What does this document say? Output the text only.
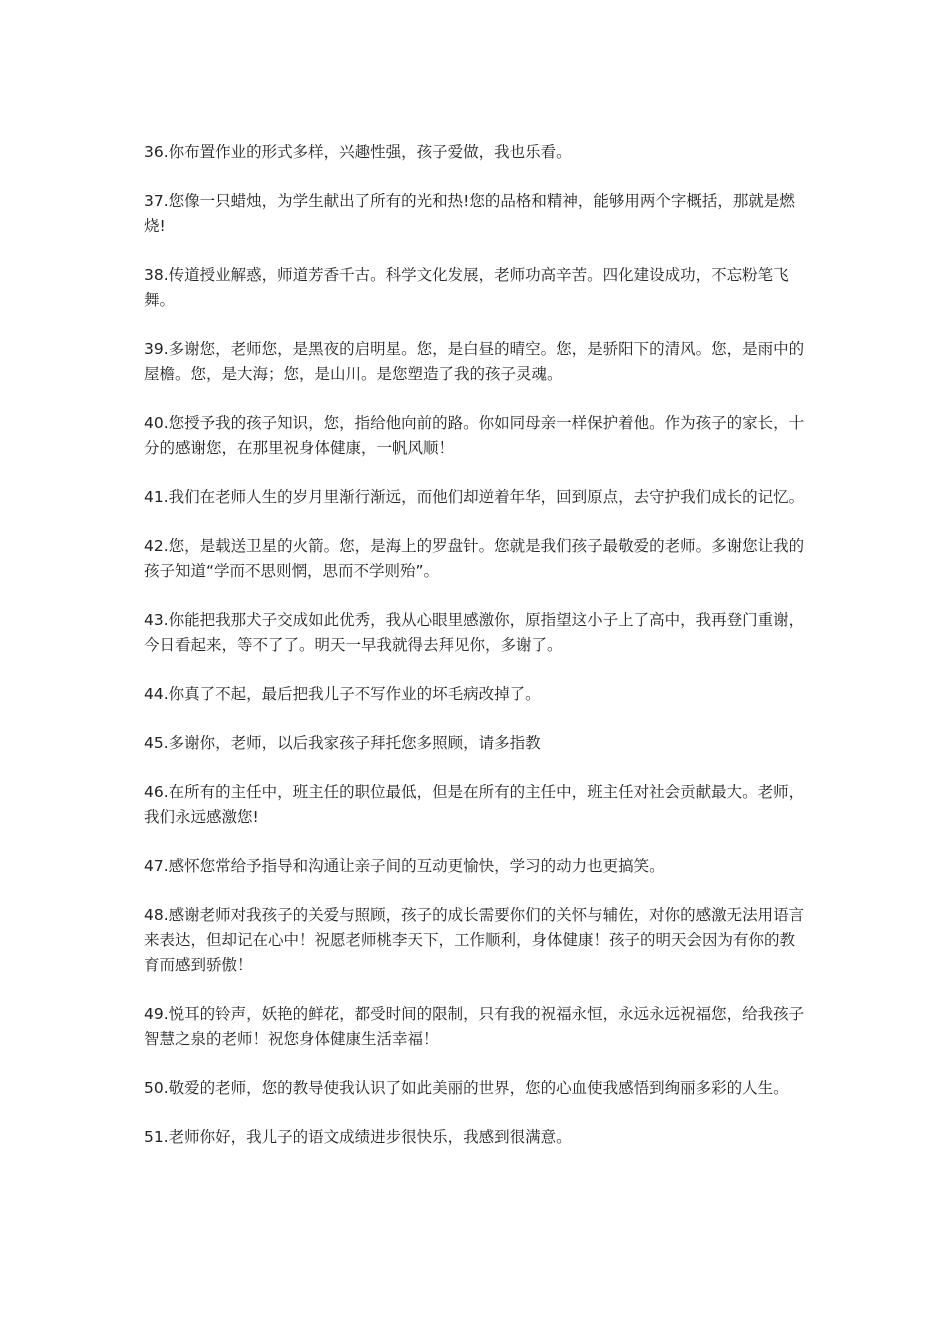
36.你布置作业的形式多样，兴趣性强，孩子爱做，我也乐看。

37.您像一只蜡烛，为学生献出了所有的光和热!您的品格和精神，能够用两个字概括，那就是燃烧!

38.传道授业解惑，师道芳香千古。科学文化发展，老师功高辛苦。四化建设成功，不忘粉笔飞舞。

39.多谢您，老师您，是黑夜的启明星。您，是白昼的晴空。您，是骄阳下的清风。您，是雨中的屋檐。您，是大海；您，是山川。是您塑造了我的孩子灵魂。

40.您授予我的孩子知识，您，指给他向前的路。你如同母亲一样保护着他。作为孩子的家长，十分的感谢您，在那里祝身体健康，一帆风顺！

41.我们在老师人生的岁月里渐行渐远，而他们却逆着年华，回到原点，去守护我们成长的记忆。

42.您，是载送卫星的火箭。您，是海上的罗盘针。您就是我们孩子最敬爱的老师。多谢您让我的孩子知道“学而不思则惘，思而不学则殆”。

43.你能把我那犬子交成如此优秀，我从心眼里感激你，原指望这小子上了高中，我再登门重谢，今日看起来，等不了了。明天一早我就得去拜见你，多谢了。

44.你真了不起，最后把我儿子不写作业的坏毛病改掉了。

45.多谢你，老师，以后我家孩子拜托您多照顾，请多指教

46.在所有的主任中，班主任的职位最低，但是在所有的主任中，班主任对社会贡献最大。老师，我们永远感激您!

47.感怀您常给予指导和沟通让亲子间的互动更愉快，学习的动力也更搞笑。

48.感谢老师对我孩子的关爱与照顾，孩子的成长需要你们的关怀与辅佐，对你的感激无法用语言来表达，但却记在心中！祝愿老师桃李天下，工作顺利，身体健康！孩子的明天会因为有你的教育而感到骄傲！

49.悦耳的铃声，妖艳的鲜花，都受时间的限制，只有我的祝福永恒，永远永远祝福您，给我孩子智慧之泉的老师！祝您身体健康生活幸福！

50.敬爱的老师，您的教导使我认识了如此美丽的世界，您的心血使我感悟到绚丽多彩的人生。

51.老师你好，我儿子的语文成绩进步很快乐，我感到很满意。
